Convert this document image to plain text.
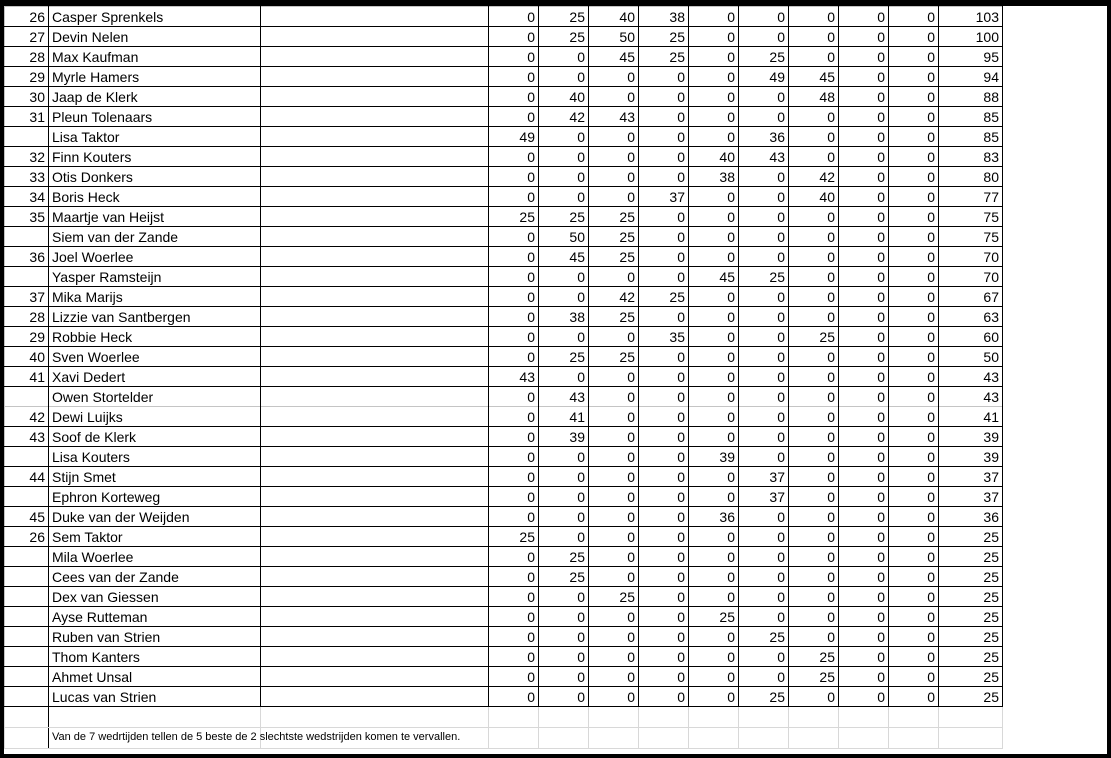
26	Casper Sprenkels		0	25	40	38	0	0	0	0	0	103
27	Devin Nelen		0	25	50	25	0	0	0	0	0	100
28	Max Kaufman		0	0	45	25	0	25	0	0	0	95
29	Myrle Hamers		0	0	0	0	0	49	45	0	0	94
30	Jaap de Klerk		0	40	0	0	0	0	48	0	0	88
31	Pleun Tolenaars		0	42	43	0	0	0	0	0	0	85
	Lisa Taktor		49	0	0	0	0	36	0	0	0	85
32	Finn Kouters		0	0	0	0	40	43	0	0	0	83
33	Otis Donkers		0	0	0	0	38	0	42	0	0	80
34	Boris Heck		0	0	0	37	0	0	40	0	0	77
35	Maartje van Heijst		25	25	25	0	0	0	0	0	0	75
	Siem van der Zande		0	50	25	0	0	0	0	0	0	75
36	Joel Woerlee		0	45	25	0	0	0	0	0	0	70
	Yasper Ramsteijn		0	0	0	0	45	25	0	0	0	70
37	Mika Marijs		0	0	42	25	0	0	0	0	0	67
28	Lizzie van Santbergen		0	38	25	0	0	0	0	0	0	63
29	Robbie Heck		0	0	0	35	0	0	25	0	0	60
40	Sven Woerlee		0	25	25	0	0	0	0	0	0	50
41	Xavi Dedert		43	0	0	0	0	0	0	0	0	43
	Owen Stortelder		0	43	0	0	0	0	0	0	0	43
42	Dewi Luijks		0	41	0	0	0	0	0	0	0	41
43	Soof de Klerk		0	39	0	0	0	0	0	0	0	39
	Lisa Kouters		0	0	0	0	39	0	0	0	0	39
44	Stijn Smet		0	0	0	0	0	37	0	0	0	37
	Ephron Korteweg		0	0	0	0	0	37	0	0	0	37
45	Duke van der Weijden		0	0	0	0	36	0	0	0	0	36
26	Sem Taktor		25	0	0	0	0	0	0	0	0	25
	Mila Woerlee		0	25	0	0	0	0	0	0	0	25
	Cees van der Zande		0	25	0	0	0	0	0	0	0	25
	Dex van Giessen		0	0	25	0	0	0	0	0	0	25
	Ayse Rutteman		0	0	0	0	25	0	0	0	0	25
	Ruben van Strien		0	0	0	0	0	25	0	0	0	25
	Thom Kanters		0	0	0	0	0	0	25	0	0	25
	Ahmet Unsal		0	0	0	0	0	0	25	0	0	25
	Lucas van Strien		0	0	0	0	0	25	0	0	0	25

Van de 7 wedrtijden tellen de 5 beste de 2 slechtste wedstrijden komen te vervallen.
